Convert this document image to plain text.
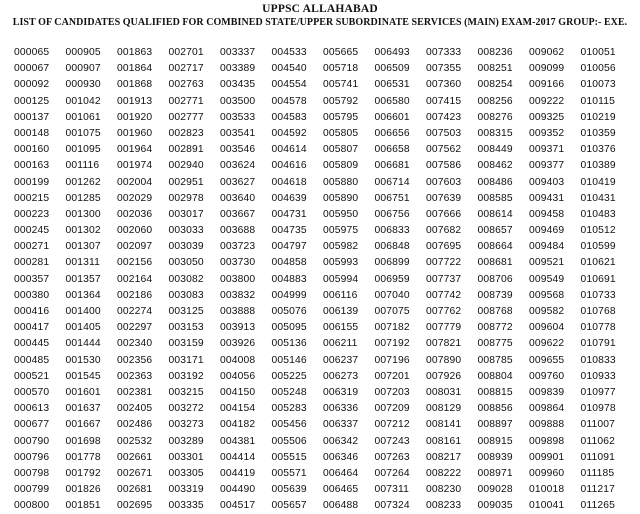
UPPSC ALLAHABAD
LIST OF CANDIDATES QUALIFIED FOR COMBINED STATE/UPPER SUBORDINATE SERVICES (MAIN) EXAM-2017 GROUP:- EXE.
000065	000905	001863	002701	003337	004533	005665	006493	007333	008236	009062	010051
000067	000907	001864	002717	003389	004540	005718	006509	007355	008251	009099	010056
000092	000930	001868	002763	003435	004554	005741	006531	007360	008254	009166	010073
000125	001042	001913	002771	003500	004578	005792	006580	007415	008256	009222	010115
000137	001061	001920	002777	003533	004583	005795	006601	007423	008276	009325	010219
000148	001075	001960	002823	003541	004592	005805	006656	007503	008315	009352	010359
000160	001095	001964	002891	003546	004614	005807	006658	007562	008449	009371	010376
000163	001116	001974	002940	003624	004616	005809	006681	007586	008462	009377	010389
000199	001262	002004	002951	003627	004618	005880	006714	007603	008486	009403	010419
000215	001285	002029	002978	003640	004639	005890	006751	007639	008585	009431	010431
000223	001300	002036	003017	003667	004731	005950	006756	007666	008614	009458	010483
000245	001302	002060	003033	003688	004735	005975	006833	007682	008657	009469	010512
000271	001307	002097	003039	003723	004797	005982	006848	007695	008664	009484	010599
000281	001311	002156	003050	003730	004858	005993	006899	007722	008681	009521	010621
000357	001357	002164	003082	003800	004883	005994	006959	007737	008706	009549	010691
000380	001364	002186	003083	003832	004999	006116	007040	007742	008739	009568	010733
000416	001400	002274	003125	003888	005076	006139	007075	007762	008768	009582	010768
000417	001405	002297	003153	003913	005095	006155	007182	007779	008772	009604	010778
000445	001444	002340	003159	003926	005136	006211	007192	007821	008775	009622	010791
000485	001530	002356	003171	004008	005146	006237	007196	007890	008785	009655	010833
000521	001545	002363	003192	004056	005225	006273	007201	007926	008804	009760	010933
000570	001601	002381	003215	004150	005248	006319	007203	008031	008815	009839	010977
000613	001637	002405	003272	004154	005283	006336	007209	008129	008856	009864	010978
000677	001667	002486	003273	004182	005456	006337	007212	008141	008897	009888	011007
000790	001698	002532	003289	004381	005506	006342	007243	008161	008915	009898	011062
000796	001778	002661	003301	004414	005515	006346	007263	008217	008939	009901	011091
000798	001792	002671	003305	004419	005571	006464	007264	008222	008971	009960	011185
000799	001826	002681	003319	004490	005639	006465	007311	008230	009028	010018	011217
000800	001851	002695	003335	004517	005657	006488	007324	008233	009035	010041	011265
